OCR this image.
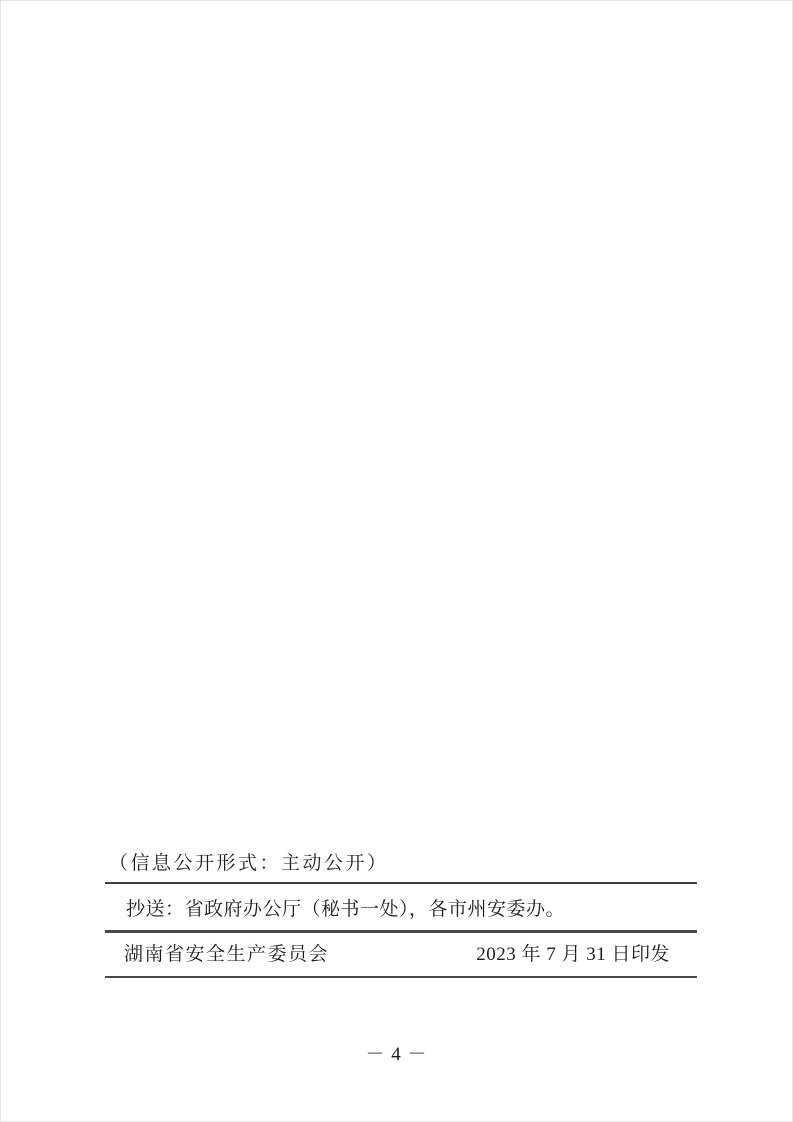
（信息公开形式：主动公开）
抄送：省政府办公厅（秘书一处），各市州安委办。
湖南省安全生产委员会	2023 年 7 月 31 日印发
－ 4 －
